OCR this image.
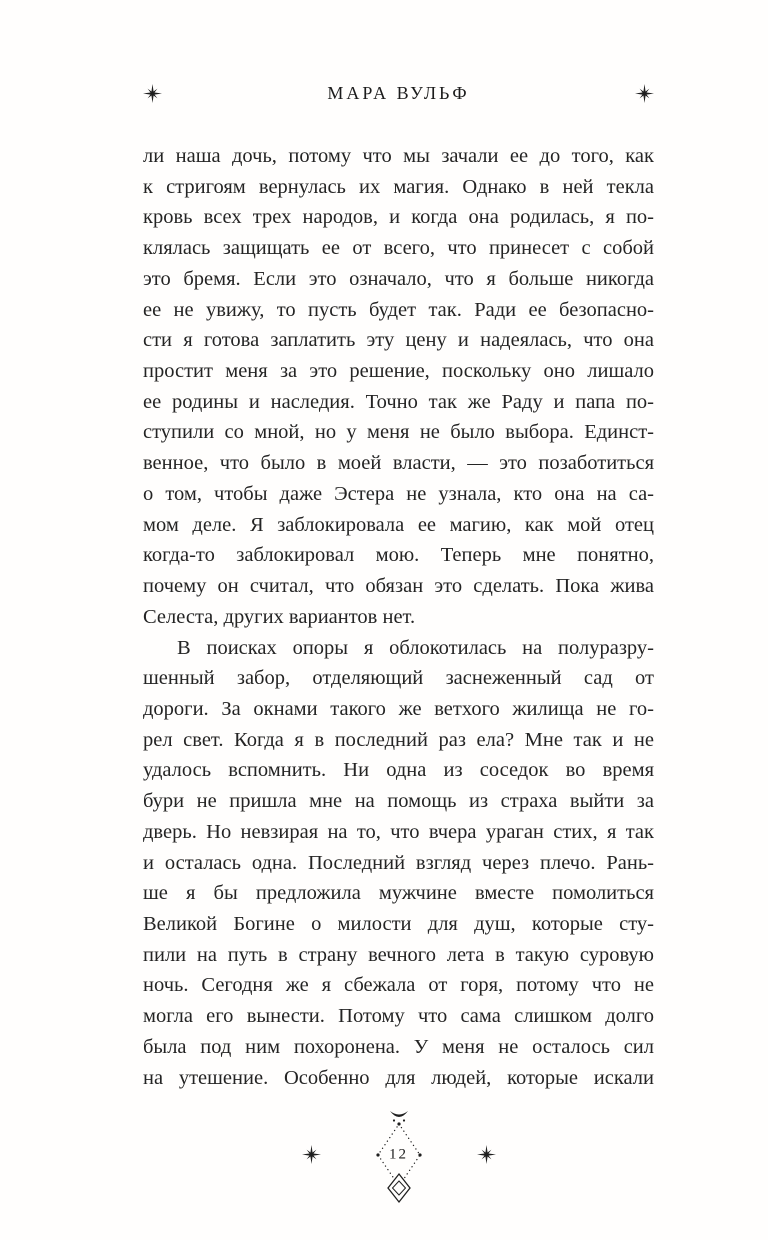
МАРА ВУЛЬФ
ли наша дочь, потому что мы зачали ее до того, как
к стригоям вернулась их магия. Однако в ней текла
кровь всех трех народов, и когда она родилась, я по-
клялась защищать ее от всего, что принесет с собой
это бремя. Если это означало, что я больше никогда
ее не увижу, то пусть будет так. Ради ее безопасно-
сти я готова заплатить эту цену и надеялась, что она
простит меня за это решение, поскольку оно лишало
ее родины и наследия. Точно так же Раду и папа по-
ступили со мной, но у меня не было выбора. Единст-
венное, что было в моей власти, — это позаботиться
о том, чтобы даже Эстера не узнала, кто она на са-
мом деле. Я заблокировала ее магию, как мой отец
когда-то заблокировал мою. Теперь мне понятно,
почему он считал, что обязан это сделать. Пока жива
Селеста, других вариантов нет.
В поисках опоры я облокотилась на полуразру-
шенный забор, отделяющий заснеженный сад от
дороги. За окнами такого же ветхого жилища не го-
рел свет. Когда я в последний раз ела? Мне так и не
удалось вспомнить. Ни одна из соседок во время
бури не пришла мне на помощь из страха выйти за
дверь. Но невзирая на то, что вчера ураган стих, я так
и осталась одна. Последний взгляд через плечо. Рань-
ше я бы предложила мужчине вместе помолиться
Великой Богине о милости для душ, которые сту-
пили на путь в страну вечного лета в такую суровую
ночь. Сегодня же я сбежала от горя, потому что не
могла его вынести. Потому что сама слишком долго
была под ним похоронена. У меня не осталось сил
на утешение. Особенно для людей, которые искали
12
